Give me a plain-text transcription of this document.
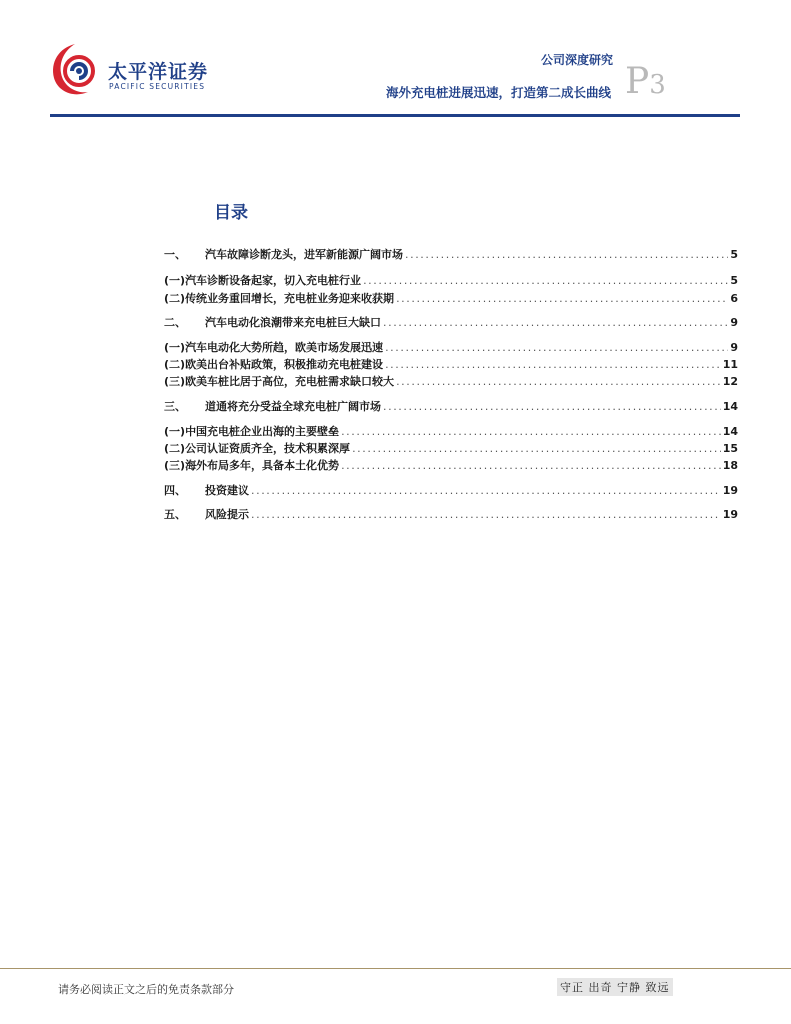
太平洋证券
PACIFIC SECURITIES
公司深度研究
海外充电桩进展迅速，打造第二成长曲线 P3
目录
一、	汽车故障诊断龙头，进军新能源广阔市场 .....	5
(一) 汽车诊断设备起家，切入充电桩行业 .....	5
(二) 传统业务重回增长，充电桩业务迎来收获期 .....	6
二、	汽车电动化浪潮带来充电桩巨大缺口 .....	9
(一) 汽车电动化大势所趋，欧美市场发展迅速 .....	9
(二) 欧美出台补贴政策，积极推动充电桩建设 .....	11
(三) 欧美车桩比居于高位，充电桩需求缺口较大 .....	12
三、	道通将充分受益全球充电桩广阔市场 .....	14
(一) 中国充电桩企业出海的主要壁垒 .....	14
(二) 公司认证资质齐全，技术积累深厚 .....	15
(三) 海外布局多年，具备本土化优势 .....	18
四、	投资建议 .....	19
五、	风险提示 .....	19
请务必阅读正文之后的免责条款部分	守正 出奇 宁静 致远
